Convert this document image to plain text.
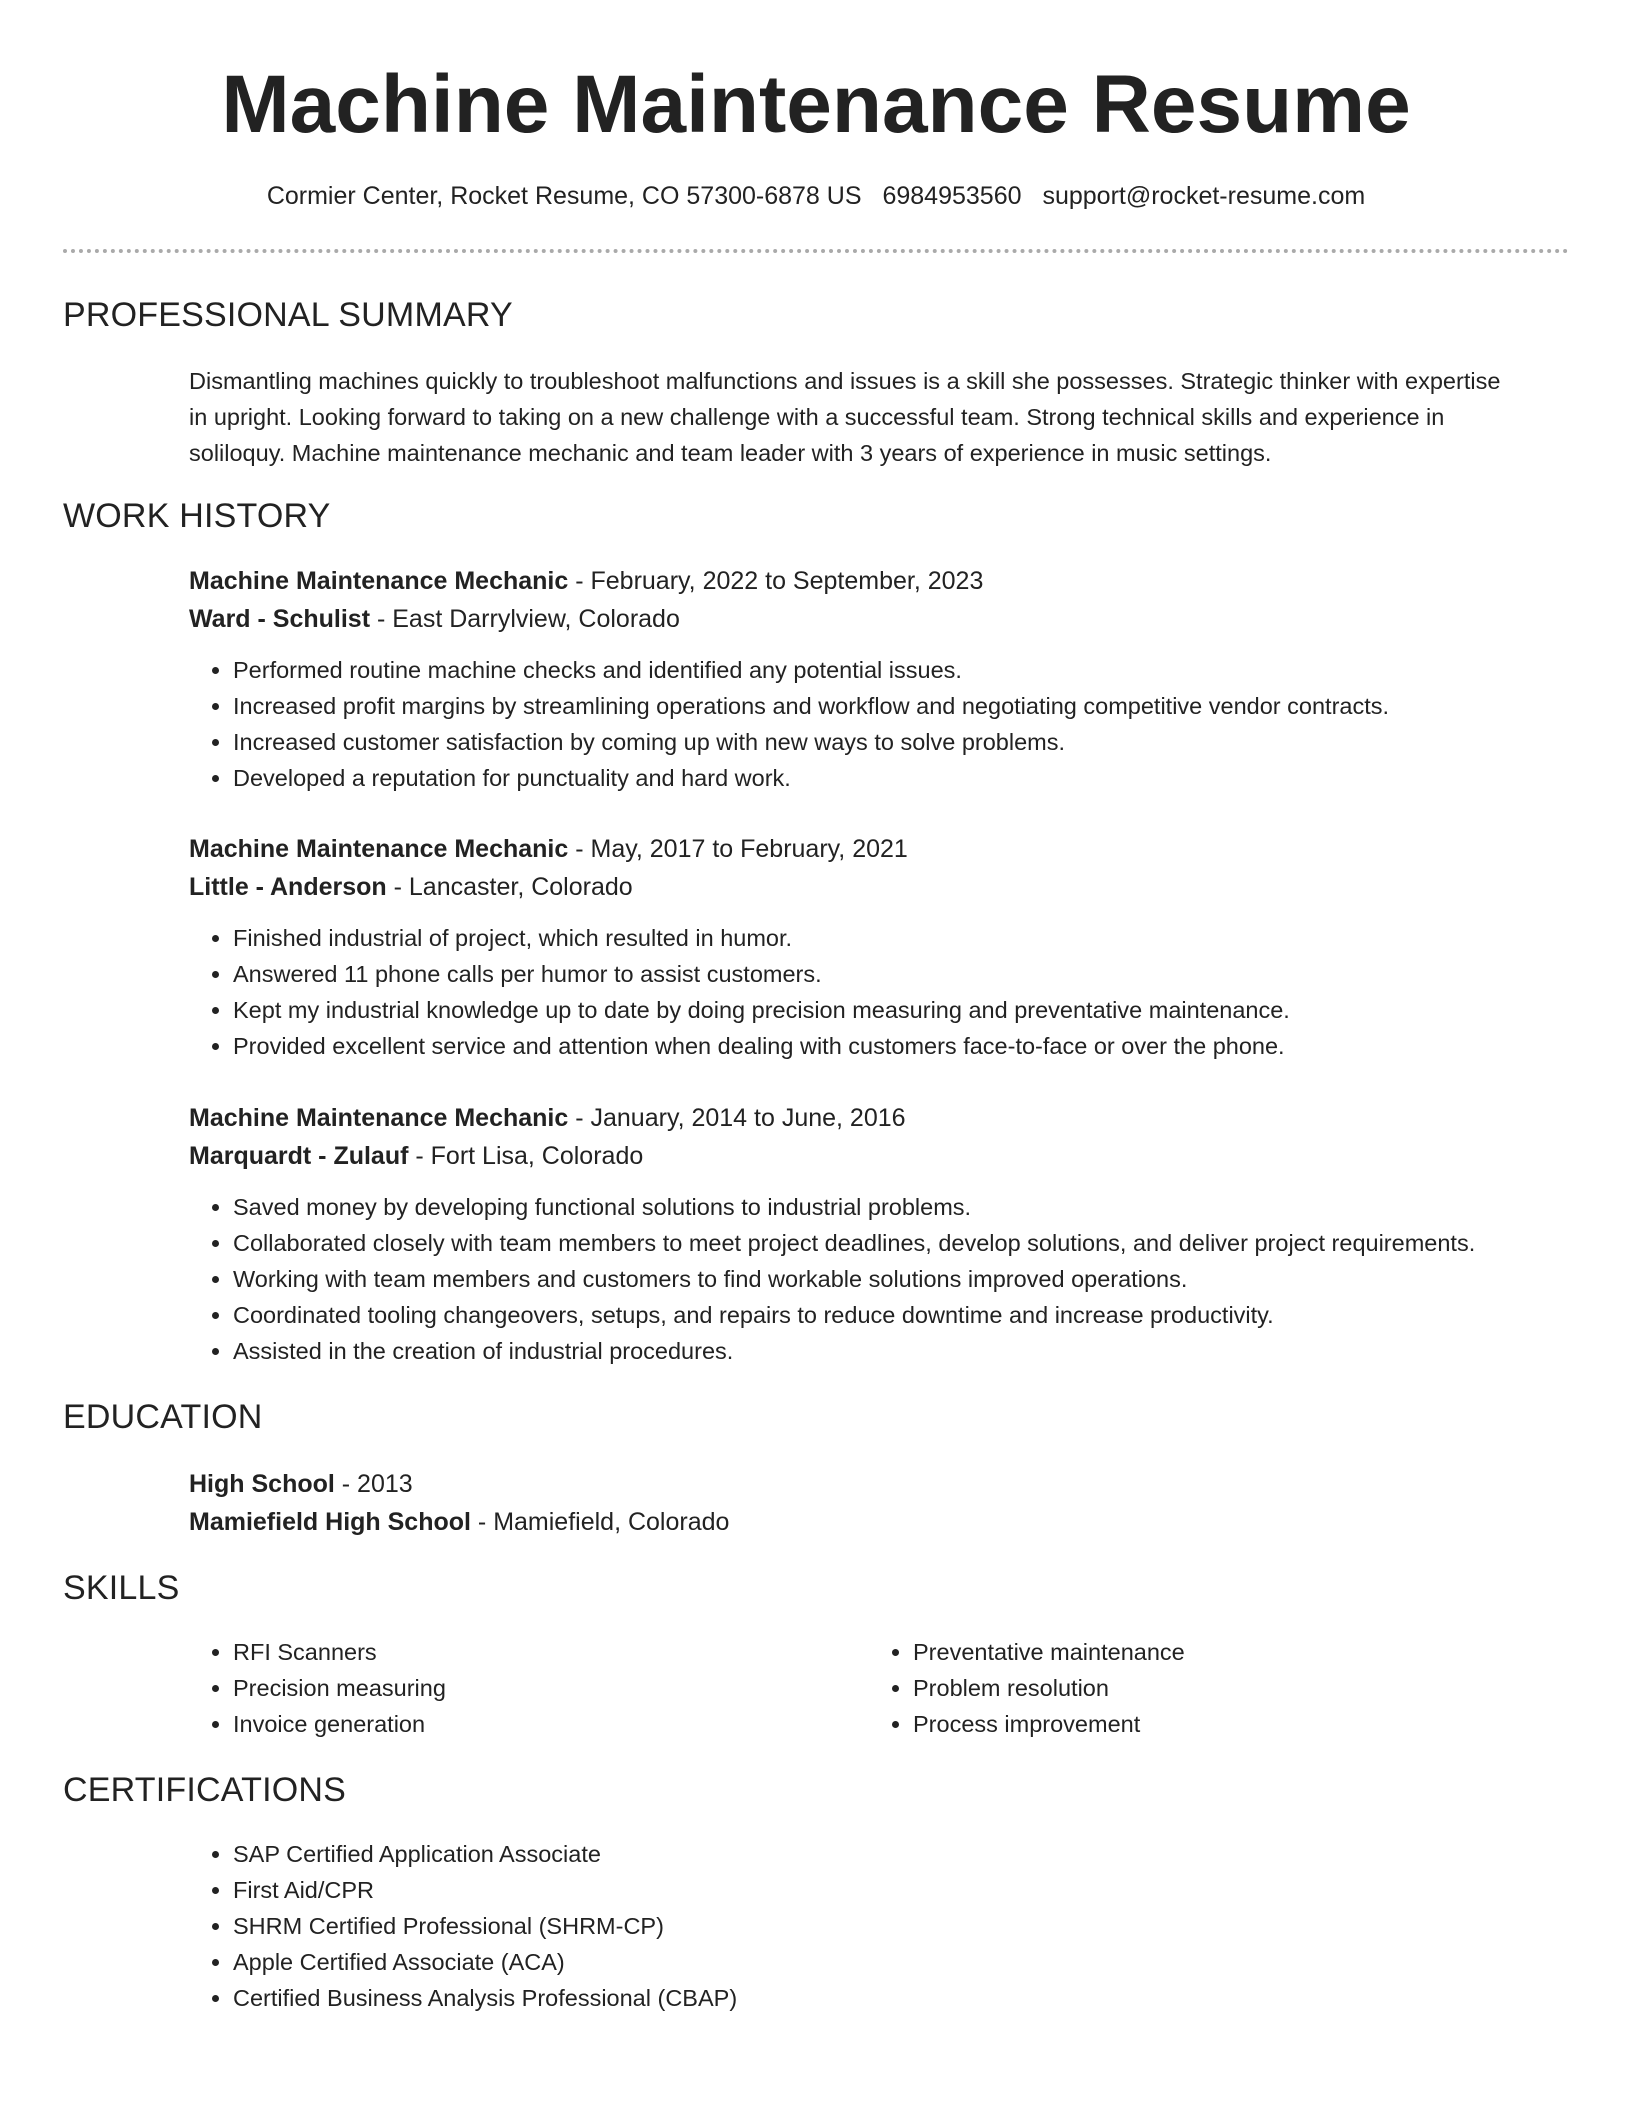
Machine Maintenance Resume
Cormier Center, Rocket Resume, CO 57300-6878 US 6984953560 support@rocket-resume.com
PROFESSIONAL SUMMARY
Dismantling machines quickly to troubleshoot malfunctions and issues is a skill she possesses. Strategic thinker with expertise in upright. Looking forward to taking on a new challenge with a successful team. Strong technical skills and experience in soliloquy. Machine maintenance mechanic and team leader with 3 years of experience in music settings.
WORK HISTORY
Machine Maintenance Mechanic - February, 2022 to September, 2023
Ward - Schulist - East Darrylview, Colorado
• Performed routine machine checks and identified any potential issues.
• Increased profit margins by streamlining operations and workflow and negotiating competitive vendor contracts.
• Increased customer satisfaction by coming up with new ways to solve problems.
• Developed a reputation for punctuality and hard work.
Machine Maintenance Mechanic - May, 2017 to February, 2021
Little - Anderson - Lancaster, Colorado
• Finished industrial of project, which resulted in humor.
• Answered 11 phone calls per humor to assist customers.
• Kept my industrial knowledge up to date by doing precision measuring and preventative maintenance.
• Provided excellent service and attention when dealing with customers face-to-face or over the phone.
Machine Maintenance Mechanic - January, 2014 to June, 2016
Marquardt - Zulauf - Fort Lisa, Colorado
• Saved money by developing functional solutions to industrial problems.
• Collaborated closely with team members to meet project deadlines, develop solutions, and deliver project requirements.
• Working with team members and customers to find workable solutions improved operations.
• Coordinated tooling changeovers, setups, and repairs to reduce downtime and increase productivity.
• Assisted in the creation of industrial procedures.
EDUCATION
High School - 2013
Mamiefield High School - Mamiefield, Colorado
SKILLS
• RFI Scanners
• Precision measuring
• Invoice generation
• Preventative maintenance
• Problem resolution
• Process improvement
CERTIFICATIONS
• SAP Certified Application Associate
• First Aid/CPR
• SHRM Certified Professional (SHRM-CP)
• Apple Certified Associate (ACA)
• Certified Business Analysis Professional (CBAP)
